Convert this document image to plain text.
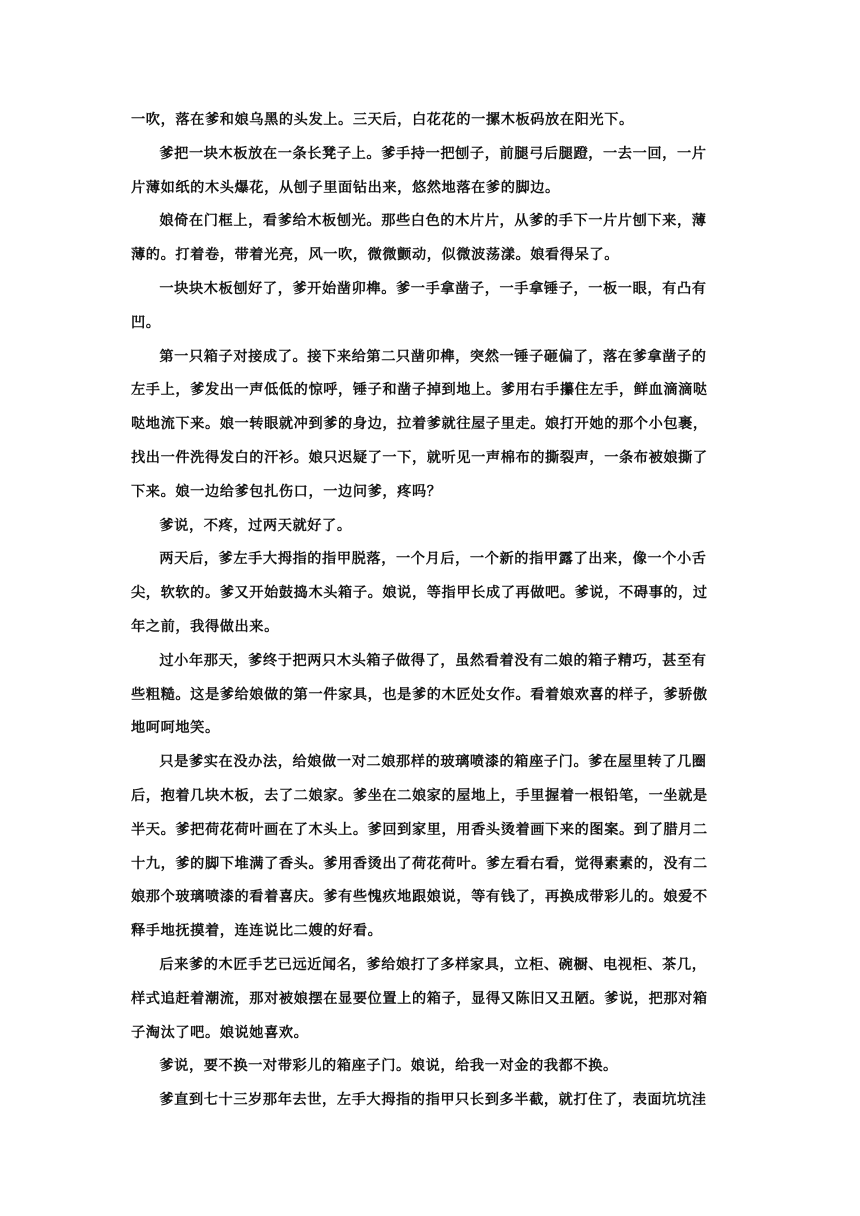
一吹，落在爹和娘乌黑的头发上。三天后，白花花的一摞木板码放在阳光下。

爹把一块木板放在一条长凳子上。爹手持一把刨子，前腿弓后腿蹬，一去一回，一片
片薄如纸的木头爆花，从刨子里面钻出来，悠然地落在爹的脚边。

娘倚在门框上，看爹给木板刨光。那些白色的木片片，从爹的手下一片片刨下来，薄
薄的。打着卷，带着光亮，风一吹，微微颤动，似微波荡漾。娘看得呆了。

一块块木板刨好了，爹开始凿卯榫。爹一手拿凿子，一手拿锤子，一板一眼，有凸有
凹。

第一只箱子对接成了。接下来给第二只凿卯榫，突然一锤子砸偏了，落在爹拿凿子的
左手上，爹发出一声低低的惊呼，锤子和凿子掉到地上。爹用右手攥住左手，鲜血滴滴哒
哒地流下来。娘一转眼就冲到爹的身边，拉着爹就往屋子里走。娘打开她的那个小包裹，
找出一件洗得发白的汗衫。娘只迟疑了一下，就听见一声棉布的撕裂声，一条布被娘撕了
下来。娘一边给爹包扎伤口，一边问爹，疼吗？

爹说，不疼，过两天就好了。

两天后，爹左手大拇指的指甲脱落，一个月后，一个新的指甲露了出来，像一个小舌
尖，软软的。爹又开始鼓捣木头箱子。娘说，等指甲长成了再做吧。爹说，不碍事的，过
年之前，我得做出来。

过小年那天，爹终于把两只木头箱子做得了，虽然看着没有二娘的箱子精巧，甚至有
些粗糙。这是爹给娘做的第一件家具，也是爹的木匠处女作。看着娘欢喜的样子，爹骄傲
地呵呵地笑。

只是爹实在没办法，给娘做一对二娘那样的玻璃喷漆的箱座子门。爹在屋里转了几圈
后，抱着几块木板，去了二娘家。爹坐在二娘家的屋地上，手里握着一根铅笔，一坐就是
半天。爹把荷花荷叶画在了木头上。爹回到家里，用香头烫着画下来的图案。到了腊月二
十九，爹的脚下堆满了香头。爹用香烫出了荷花荷叶。爹左看右看，觉得素素的，没有二
娘那个玻璃喷漆的看着喜庆。爹有些愧疚地跟娘说，等有钱了，再换成带彩儿的。娘爱不
释手地抚摸着，连连说比二嫂的好看。

后来爹的木匠手艺已远近闻名，爹给娘打了多样家具，立柜、碗橱、电视柜、茶几，
样式追赶着潮流，那对被娘摆在显要位置上的箱子，显得又陈旧又丑陋。爹说，把那对箱
子淘汰了吧。娘说她喜欢。

爹说，要不换一对带彩儿的箱座子门。娘说，给我一对金的我都不换。

爹直到七十三岁那年去世，左手大拇指的指甲只长到多半截，就打住了，表面坑坑洼
